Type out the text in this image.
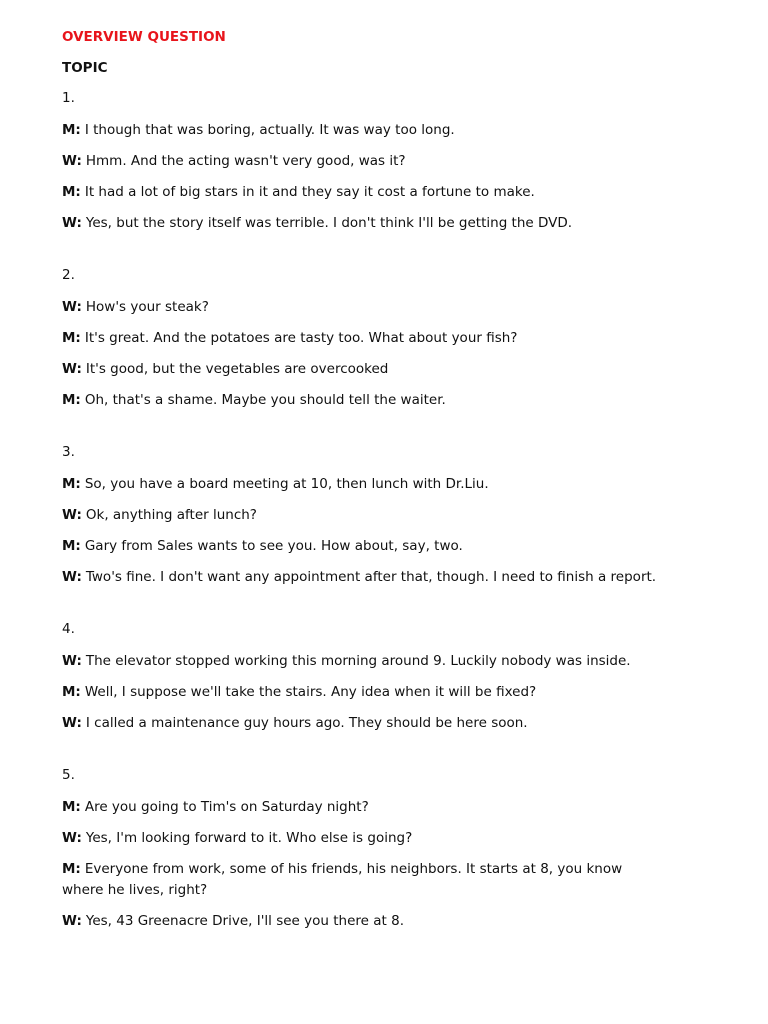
OVERVIEW QUESTION

TOPIC

1.

M: I though that was boring, actually. It was way too long.

W: Hmm. And the acting wasn't very good, was it?

M: It had a lot of big stars in it and they say it cost a fortune to make.

W: Yes, but the story itself was terrible. I don't think I'll be getting the DVD.

2.

W: How's your steak?

M: It's great. And the potatoes are tasty too. What about your fish?

W: It's good, but the vegetables are overcooked

M: Oh, that's a shame. Maybe you should tell the waiter.

3.

M: So, you have a board meeting at 10, then lunch with Dr.Liu.

W: Ok, anything after lunch?

M: Gary from Sales wants to see you. How about, say, two.

W: Two's fine. I don't want any appointment after that, though. I need to finish a report.

4.

W: The elevator stopped working this morning around 9. Luckily nobody was inside.

M: Well, I suppose we'll take the stairs. Any idea when it will be fixed?

W: I called a maintenance guy hours ago. They should be here soon.

5.

M: Are you going to Tim's on Saturday night?

W: Yes, I'm looking forward to it. Who else is going?

M: Everyone from work, some of his friends, his neighbors. It starts at 8, you know where he lives, right?

W: Yes, 43 Greenacre Drive, I'll see you there at 8.
